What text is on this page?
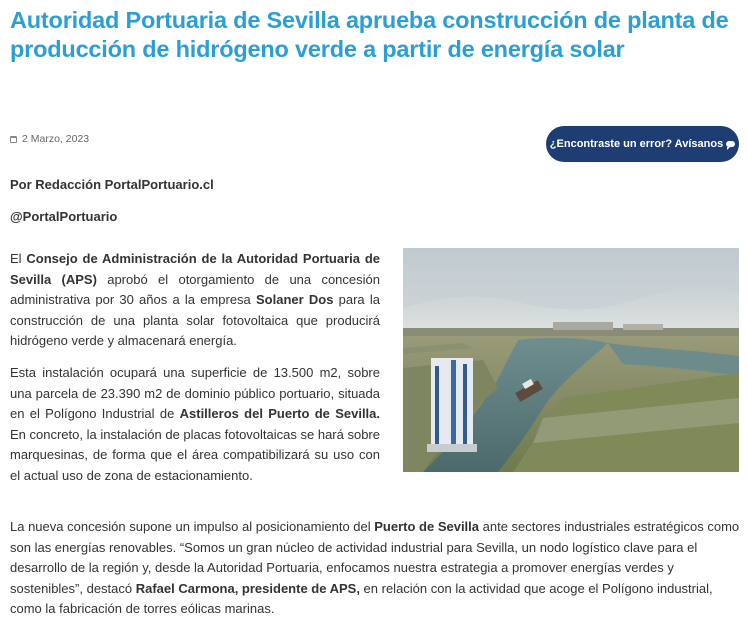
Autoridad Portuaria de Sevilla aprueba construcción de planta de producción de hidrógeno verde a partir de energía solar
2 Marzo, 2023	¿Encontraste un error? Avísanos
Por Redacción PortalPortuario.cl
@PortalPortuario

El Consejo de Administración de la Autoridad Portuaria de Sevilla (APS) aprobó el otorgamiento de una concesión administrativa por 30 años a la empresa Solaner Dos para la construcción de una planta solar fotovoltaica que producirá hidrógeno verde y almacenará energía.

Esta instalación ocupará una superficie de 13.500 m2, sobre una parcela de 23.390 m2 de dominio público portuario, situada en el Polígono Industrial de Astilleros del Puerto de Sevilla. En concreto, la instalación de placas fotovoltaicas se hará sobre marquesinas, de forma que el área compatibilizará su uso con el actual uso de zona de estacionamiento.

La nueva concesión supone un impulso al posicionamiento del Puerto de Sevilla ante sectores industriales estratégicos como son las energías renovables. “Somos un gran núcleo de actividad industrial para Sevilla, un nodo logístico clave para el desarrollo de la región y, desde la Autoridad Portuaria, enfocamos nuestra estrategia a promover energías verdes y sostenibles”, destacó Rafael Carmona, presidente de APS, en relación con la actividad que acoge el Polígono industrial, como la fabricación de torres eólicas marinas.
